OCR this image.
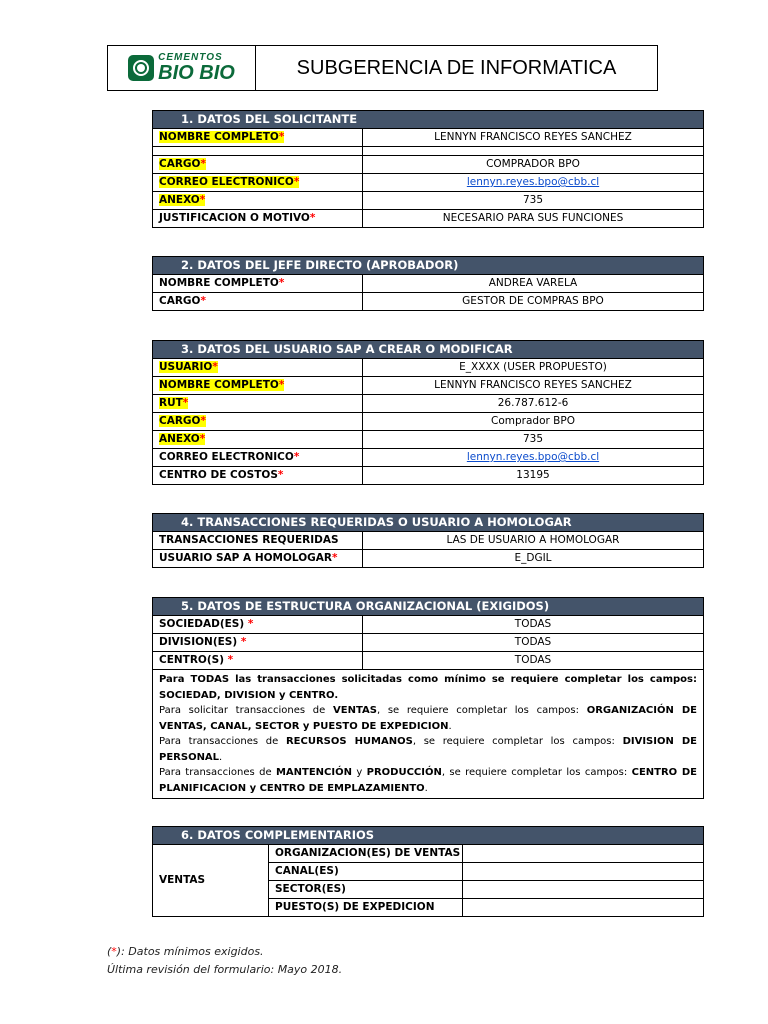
CEMENTOS
BIO BIO	SUBGERENCIA DE INFORMATICA
1. DATOS DEL SOLICITANTE	
NOMBRE COMPLETO*	LENNYN FRANCISCO REYES SANCHEZ

CARGO*	COMPRADOR BPO
CORREO ELECTRONICO*	lennyn.reyes.bpo@cbb.cl
ANEXO*	735
JUSTIFICACION O MOTIVO*	NECESARIO PARA SUS FUNCIONES
2. DATOS DEL JEFE DIRECTO (APROBADOR)	
NOMBRE COMPLETO*	ANDREA VARELA
CARGO*	GESTOR DE COMPRAS BPO
3. DATOS DEL USUARIO SAP A CREAR O MODIFICAR	
USUARIO*	E_XXXX (USER PROPUESTO)
NOMBRE COMPLETO*	LENNYN FRANCISCO REYES SANCHEZ
RUT*	26.787.612-6
CARGO*	Comprador BPO
ANEXO*	735
CORREO ELECTRONICO*	lennyn.reyes.bpo@cbb.cl
CENTRO DE COSTOS*	13195
4. TRANSACCIONES REQUERIDAS O USUARIO A HOMOLOGAR	
TRANSACCIONES REQUERIDAS	LAS DE USUARIO A HOMOLOGAR
USUARIO SAP A HOMOLOGAR*	E_DGIL
5. DATOS DE ESTRUCTURA ORGANIZACIONAL (EXIGIDOS)	
SOCIEDAD(ES) *	TODAS
DIVISION(ES) *	TODAS
CENTRO(S) *	TODAS

Para TODAS las transacciones solicitadas como mínimo se requiere completar los campos: SOCIEDAD, DIVISION y CENTRO.
Para solicitar transacciones de VENTAS, se requiere completar los campos: ORGANIZACIÓN DE VENTAS, CANAL, SECTOR y PUESTO DE EXPEDICION.
Para transacciones de RECURSOS HUMANOS, se requiere completar los campos: DIVISION DE PERSONAL.
Para transacciones de MANTENCIÓN y PRODUCCIÓN, se requiere completar los campos: CENTRO DE PLANIFICACION y CENTRO DE EMPLAZAMIENTO.	
6. DATOS COMPLEMENTARIOS		
VENTAS	ORGANIZACION(ES) DE VENTAS	
	CANAL(ES)	
	SECTOR(ES)	
	PUESTO(S) DE EXPEDICION	
(*): Datos mínimos exigidos.
Última revisión del formulario: Mayo 2018.
